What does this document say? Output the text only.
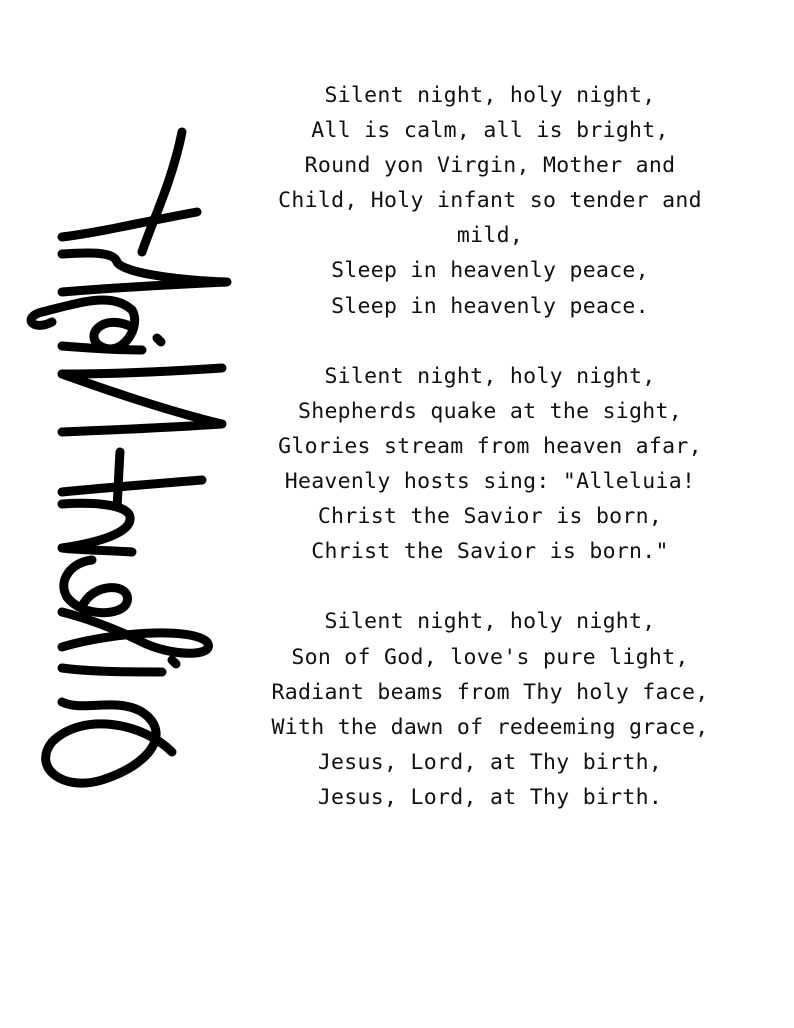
Silent Night
Silent night, holy night,
All is calm, all is bright,
Round yon Virgin, Mother and
Child, Holy infant so tender and
mild,
Sleep in heavenly peace,
Sleep in heavenly peace.
Silent night, holy night,
Shepherds quake at the sight,
Glories stream from heaven afar,
Heavenly hosts sing: "Alleluia!
Christ the Savior is born,
Christ the Savior is born."
Silent night, holy night,
Son of God, love's pure light,
Radiant beams from Thy holy face,
With the dawn of redeeming grace,
Jesus, Lord, at Thy birth,
Jesus, Lord, at Thy birth.
